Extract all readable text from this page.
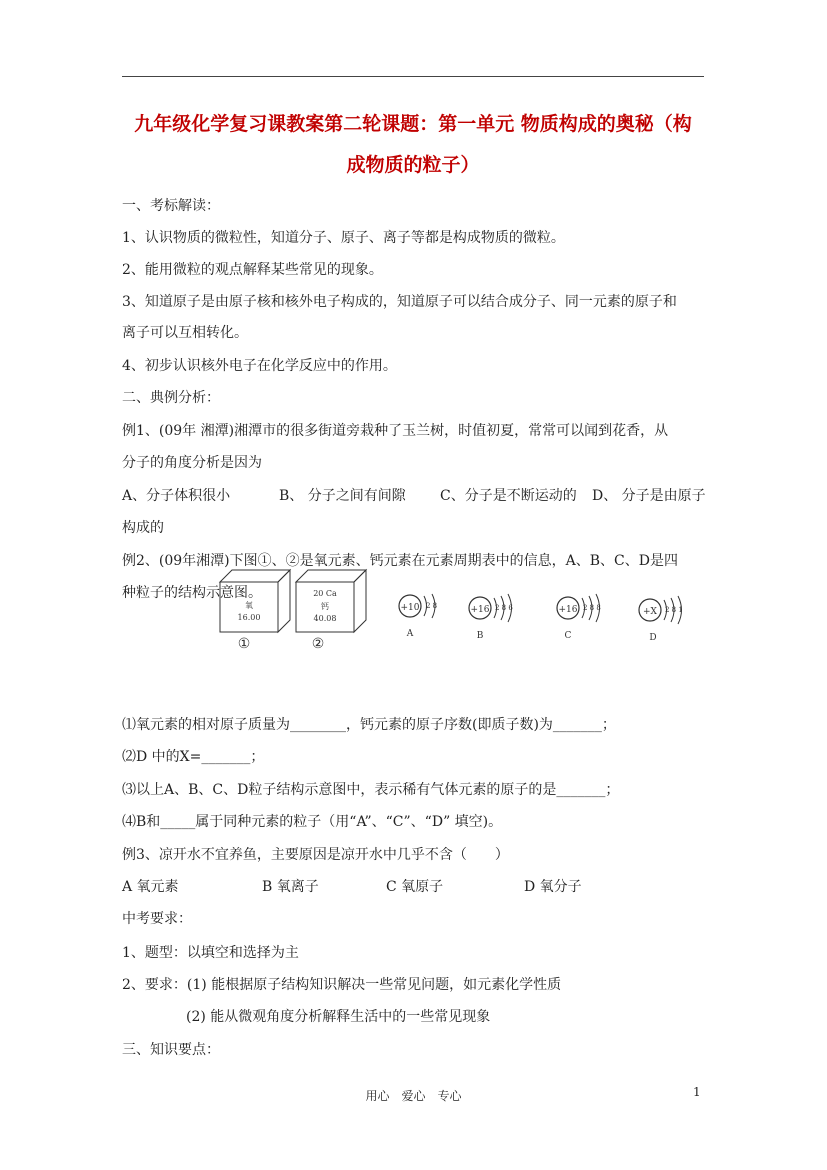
九年级化学复习课教案第二轮课题：第一单元 物质构成的奥秘（构
成物质的粒子）
一、考标解读：
1、认识物质的微粒性，知道分子、原子、离子等都是构成物质的微粒。
2、能用微粒的观点解释某些常见的现象。
3、知道原子是由原子核和核外电子构成的，知道原子可以结合成分子、同一元素的原子和
离子可以互相转化。
4、初步认识核外电子在化学反应中的作用。
二、典例分析：
例1、(09年 湘潭)湘潭市的很多街道旁栽种了玉兰树，时值初夏，常常可以闻到花香，从
分子的角度分析是因为
A、分子体积很小	B、 分子之间有间隙 C、分子是不断运动的 D、 分子是由原子
构成的
例2、(09年湘潭)下图①、②是氧元素、钙元素在元素周期表中的信息，A、B、C、D是四
种粒子的结构示意图。
氧
16.00
①
20 Ca
钙
40.08
②
+10 2 8
A
+16 2 8 6
B
+16 2 8 8
C
+X 2 8 1
D
⑴氧元素的相对原子质量为________，钙元素的原子序数(即质子数)为_______；
⑵D 中的X=_______；
⑶以上A、B、C、D粒子结构示意图中，表示稀有气体元素的原子的是_______；
⑷B和_____属于同种元素的粒子（用“A”、“C”、“D” 填空)。
例3、凉开水不宜养鱼，主要原因是凉开水中几乎不含（　　）
A 氧元素	B 氧离子	C 氧原子	D 氧分子
中考要求：
1、题型：以填空和选择为主
2、要求：(1) 能根据原子结构知识解决一些常见问题，如元素化学性质
(2) 能从微观角度分析解释生活中的一些常见现象
三、知识要点：
用心　爱心　专心	1
